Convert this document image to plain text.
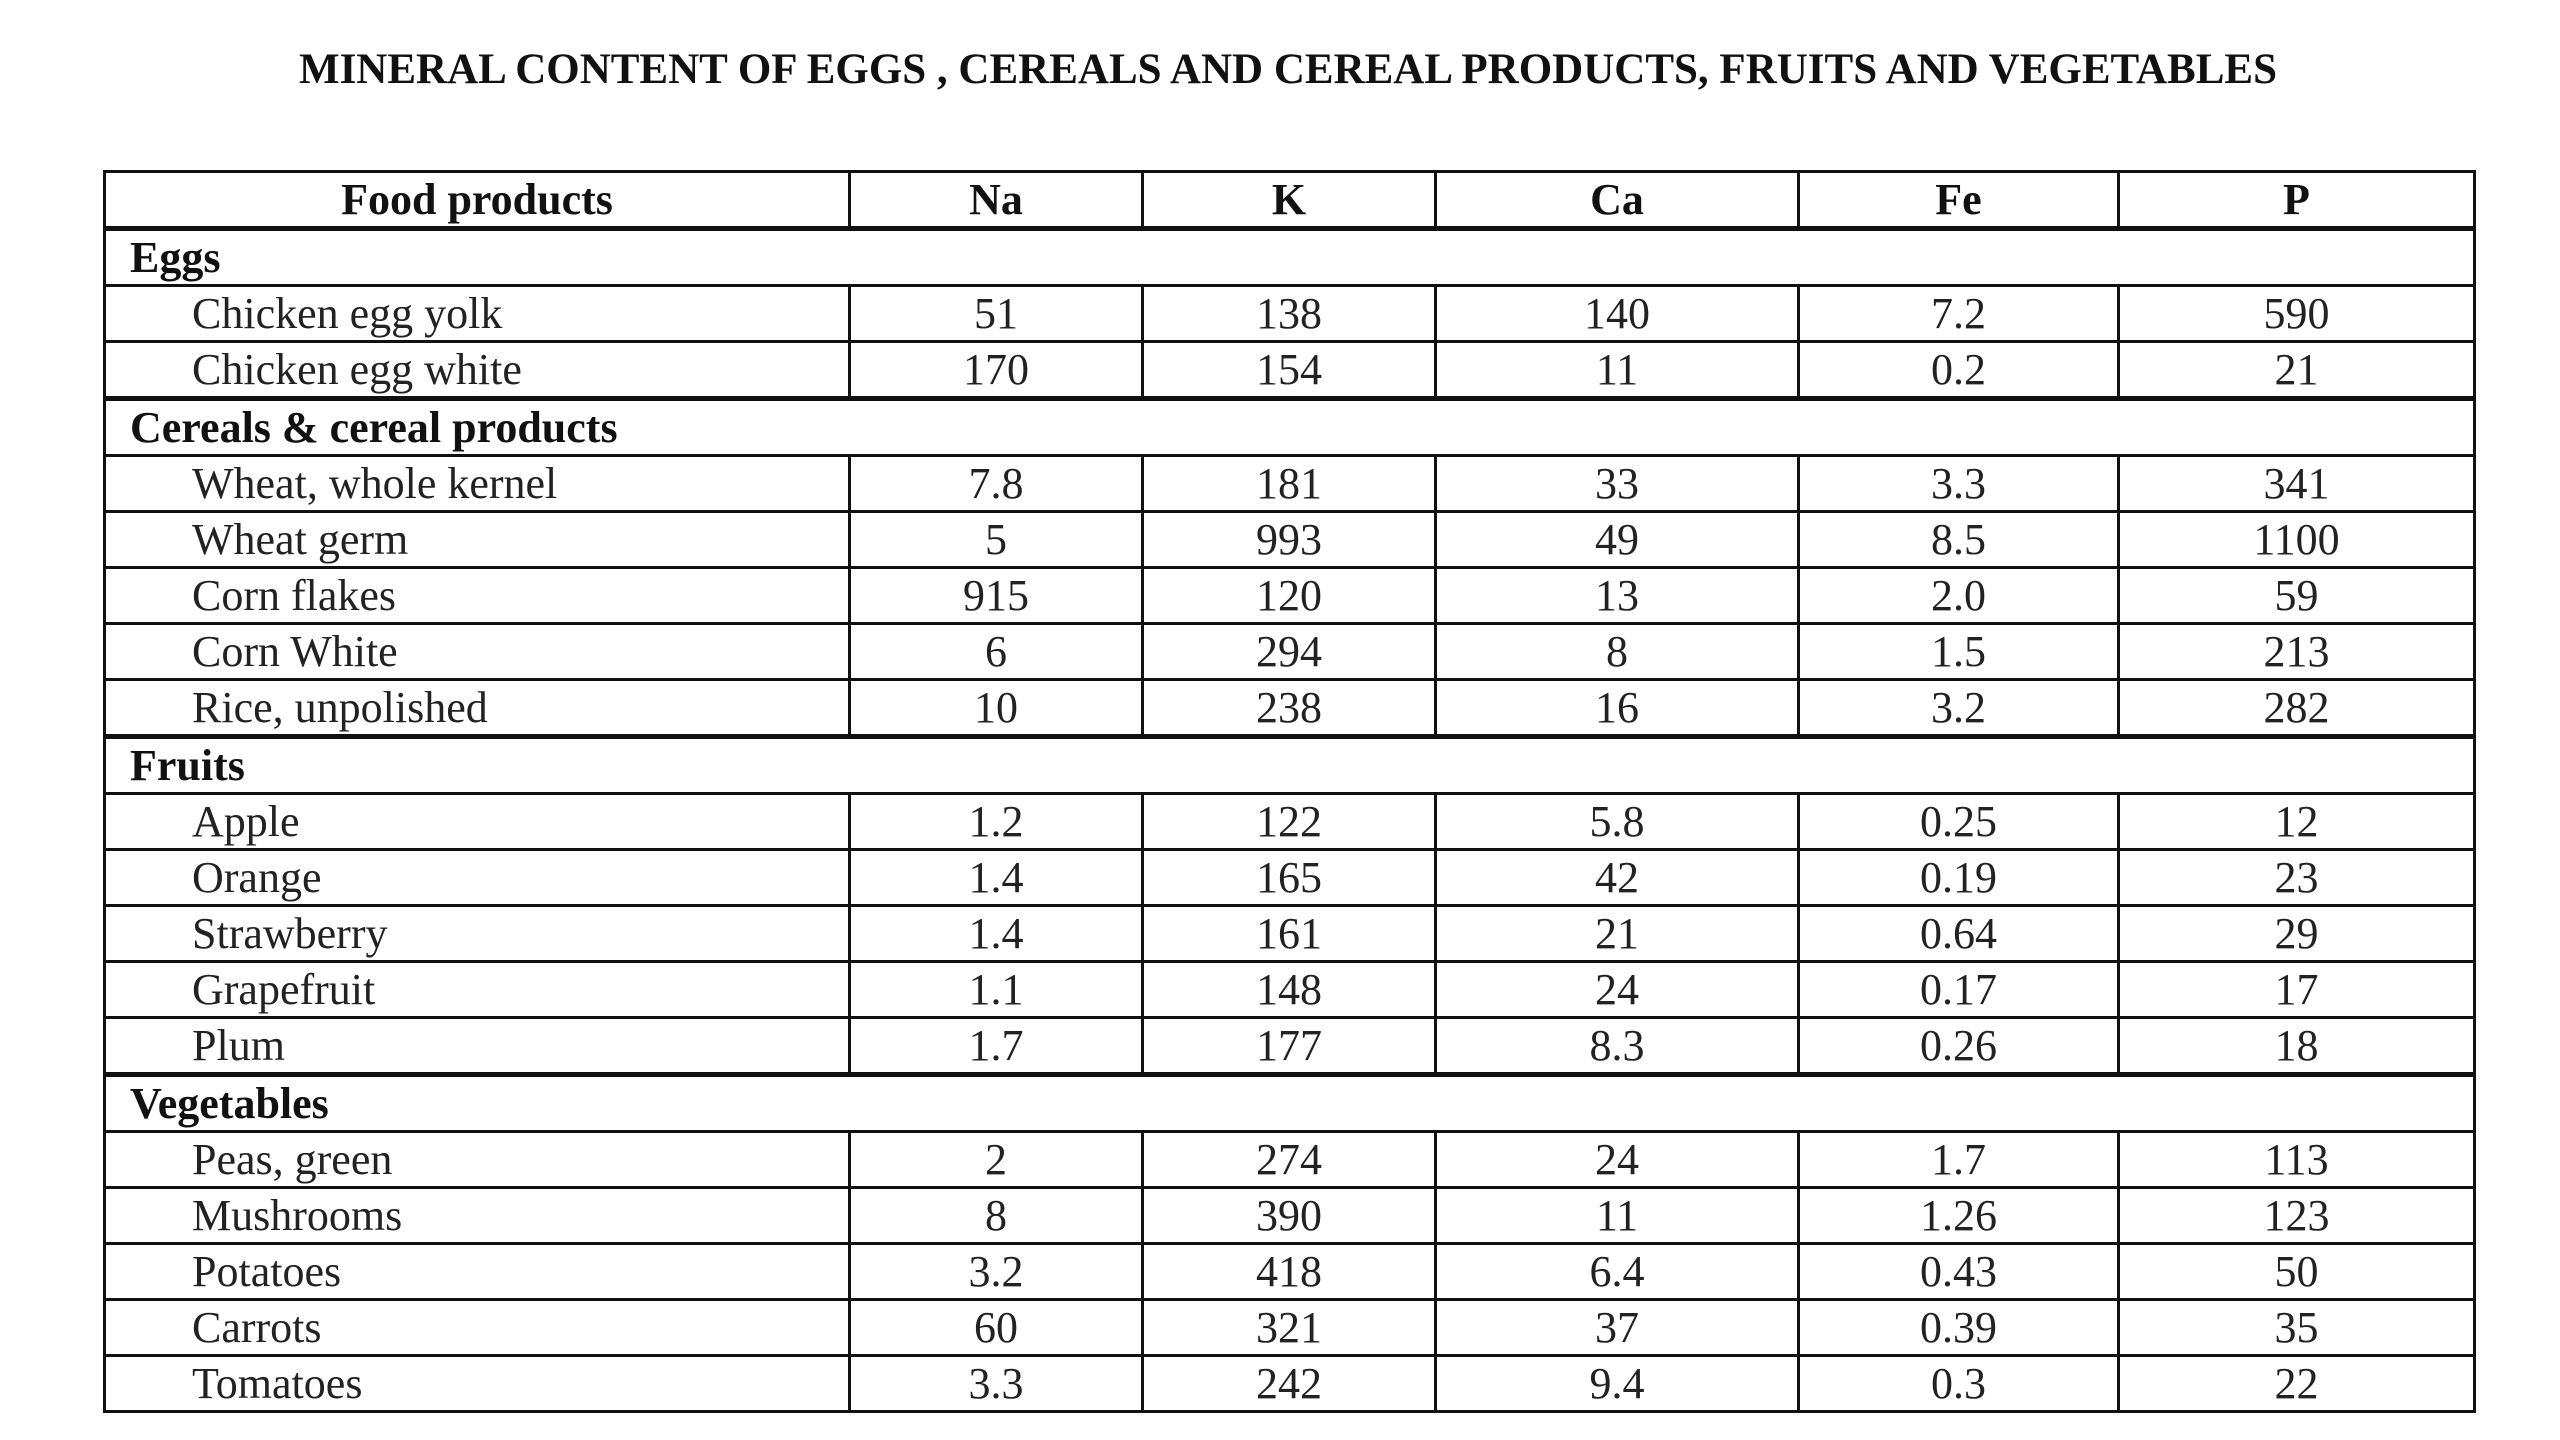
MINERAL CONTENT OF EGGS , CEREALS AND CEREAL PRODUCTS, FRUITS AND VEGETABLES
Food products	Na	K	Ca	Fe	P
Eggs					
Chicken egg yolk	51	138	140	7.2	590
Chicken egg white	170	154	11	0.2	21
Cereals & cereal products					
Wheat, whole kernel	7.8	181	33	3.3	341
Wheat germ	5	993	49	8.5	1100
Corn flakes	915	120	13	2.0	59
Corn White	6	294	8	1.5	213
Rice, unpolished	10	238	16	3.2	282
Fruits					
Apple	1.2	122	5.8	0.25	12
Orange	1.4	165	42	0.19	23
Strawberry	1.4	161	21	0.64	29
Grapefruit	1.1	148	24	0.17	17
Plum	1.7	177	8.3	0.26	18
Vegetables					
Peas, green	2	274	24	1.7	113
Mushrooms	8	390	11	1.26	123
Potatoes	3.2	418	6.4	0.43	50
Carrots	60	321	37	0.39	35
Tomatoes	3.3	242	9.4	0.3	22
